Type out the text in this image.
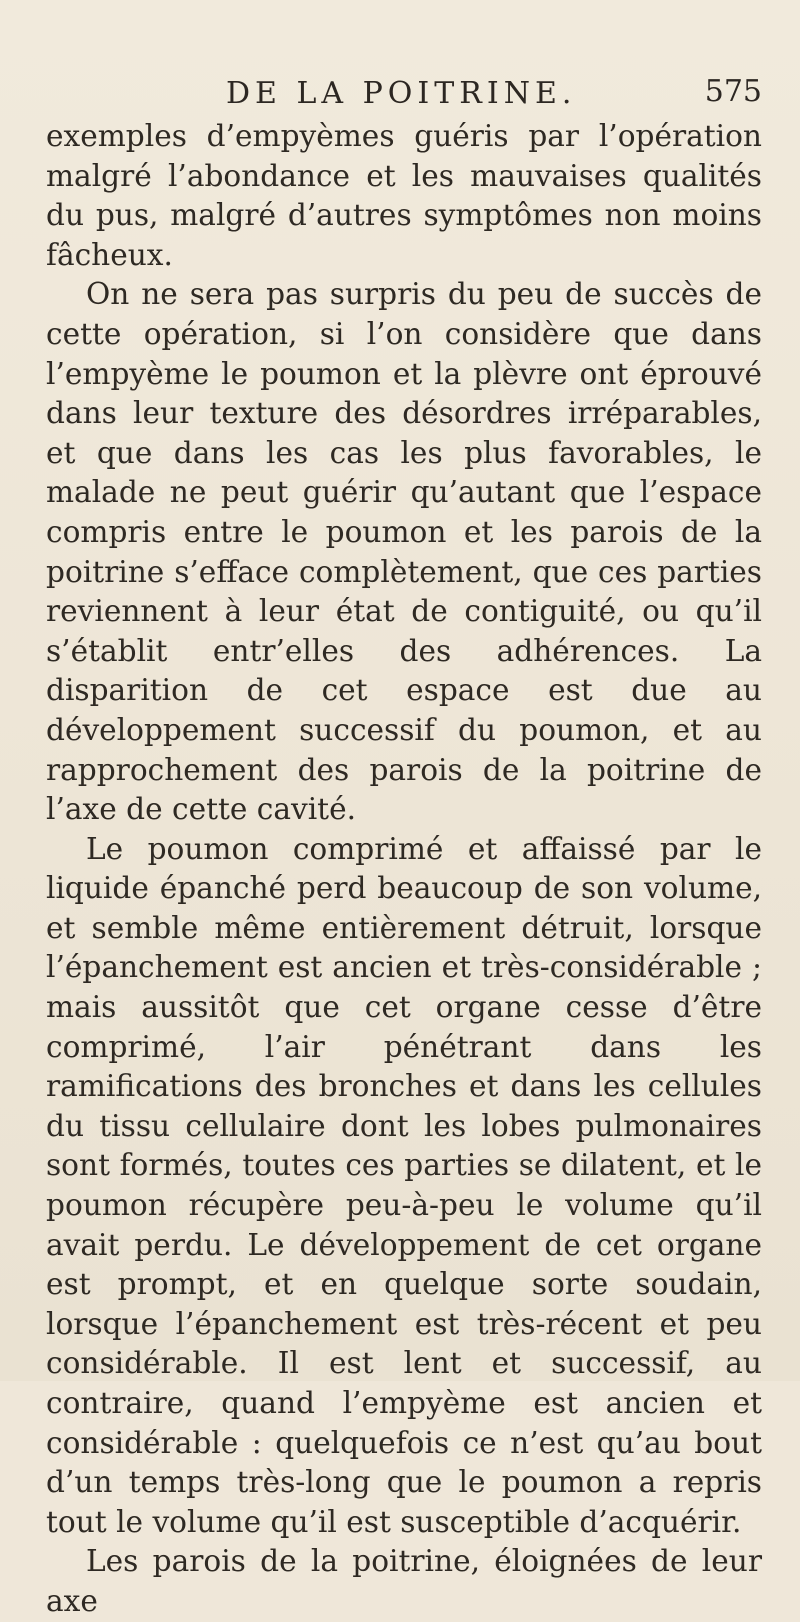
DE LA POITRINE.	575

exemples d’empyèmes guéris par l’opération malgré l’abondance et les mauvaises qualités du pus, malgré d’autres symptômes non moins fâcheux.

On ne sera pas surpris du peu de succès de cette opération, si l’on considère que dans l’empyème le poumon et la plèvre ont éprouvé dans leur texture des désordres irréparables, et que dans les cas les plus favorables, le malade ne peut guérir qu’autant que l’espace compris entre le poumon et les parois de la poitrine s’efface complètement, que ces parties reviennent à leur état de contiguité, ou qu’il s’établit entr’elles des adhérences. La disparition de cet espace est due au développement successif du poumon, et au rapprochement des parois de la poitrine de l’axe de cette cavité.

Le poumon comprimé et affaissé par le liquide épanché perd beaucoup de son volume, et semble même entièrement détruit, lorsque l’épanchement est ancien et très-considérable ; mais aussitôt que cet organe cesse d’être comprimé, l’air pénétrant dans les ramifications des bronches et dans les cellules du tissu cellulaire dont les lobes pulmonaires sont formés, toutes ces parties se dilatent, et le poumon récupère peu-à-peu le volume qu’il avait perdu. Le développement de cet organe est prompt, et en quelque sorte soudain, lorsque l’épanchement est très-récent et peu considérable. Il est lent et successif, au contraire, quand l’empyème est ancien et considérable : quelquefois ce n’est qu’au bout d’un temps très-long que le poumon a repris tout le volume qu’il est susceptible d’acquérir.

Les parois de la poitrine, éloignées de leur axe
